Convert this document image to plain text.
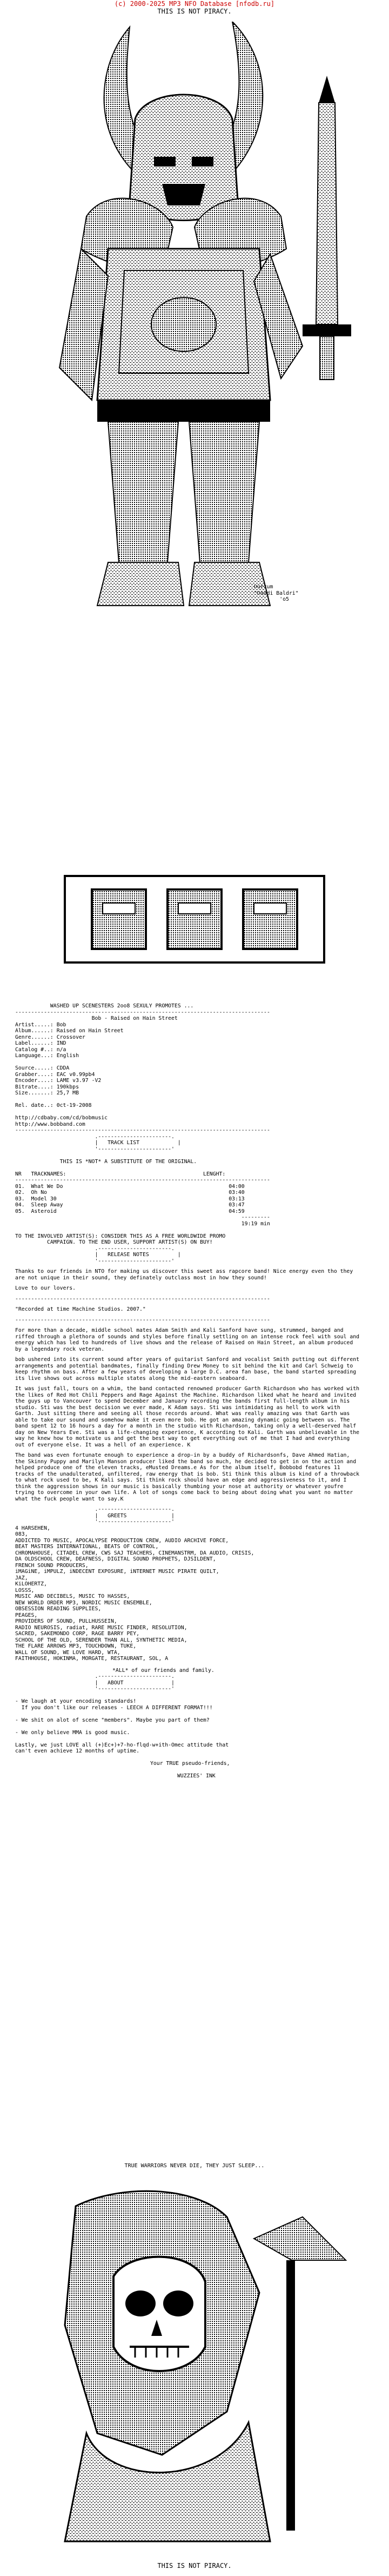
(c) 2000-2025 MP3 NFO Database [nfodb.ru]
THIS IS NOT PIRACY.
Durzum
"Daadi Baldri"
'o5
WASHED UP SCENESTERS 2oo8 SEXULY PROMOTES ...
--------------------------------------------------------------------------------
Bob - Raised on Hain Street

Artist.....: Bob
Album......: Raised on Hain Street
Genre......: Crossover
Label......: IND
Catalog #..: n/a
Language...: English

Source.....: CDDA
Grabber....: EAC v0.99pb4
Encoder....: LAME v3.97 -V2
Bitrate....: 190kbps
Size.......: 25,7 MB

Rel. date..: 0ct-19-2008

http://cdbaby.com/cd/bobmusic
http://www.bobband.com

--------------------------------------------------------------------------------
.-----------------------.
|   TRACK LIST	|
'-----------------------'

THIS IS *NOT* A SUBSTITUTE OF THE ORIGINAL.

NR TRACKNAMES:	LENGHT:
--------------------------------------------------------------------------------
01. What We Do	04:00
02. Oh No	03:40
03. Model 30	03:13
04. Sleep Away	03:47
05. Asteroid	04:59
---------
19:19 min

TO THE INVOLVED ARTIST(S): CONSIDER THIS AS A FREE WORLDWIDE PROMO
CAMPAIGN. TO THE END USER, SUPPORT ARTIST(S) ON BUY!

.-----------------------.
|   RELEASE NOTES	|
'-----------------------'

Thanks to our friends in NTO for making us discover this sweet ass rapcore band! Nice energy even tho they are not unique in their sound, they definately outclass most in how they sound!

Love to our lovers.

--------------------------------------------------------------------------------

"Recorded at time Machine Studios. 2007."

--------------------------------------------------------------------------------

For more than a decade, middle school mates Adam Smith and Kali Sanford have sung, strummed, banged and riffed through a plethora of sounds and styles before finally settling on an intense rock feel with soul and energy which has led to hundreds of live shows and the release of Raised on Hain Street, an album produced by a legendary rock veteran.

bob ushered into its current sound after years of guitarist Sanford and vocalist Smith putting out different arrangements and potential bandmates, finally finding Drew Money to sit behind the kit and Carl Schweig to keep rhythm on bass. After a few years of developing a large D.C. area fan base, the band started spreading its live shows out across multiple states along the mid-eastern seaboard.

It was just fall, tours on a whim, the band contacted renowned producer Garth Richardson who has worked with the likes of Red Hot Chili Peppers and Rage Against the Machine. Richardson liked what he heard and invited the guys up to Vancouver to spend December and January recording the bands first full-length album in his studio. Sti was the best decision we ever made, K Adam says. Sti was intimidating as hell to work with Garth. Just sitting there and seeing all those records around. What was really amazing was that Garth was able to take our sound and somehow make it even more bob. He got an amazing dynamic going between us. The band spent 12 to 16 hours a day for a month in the studio with Richardson, taking only a well-deserved half day on New Years Eve. Sti was a life-changing experience, K according to Kali. Garth was unbelievable in the way he knew how to motivate us and get the best way to get everything out of me that I had and everything out of everyone else. It was a hell of an experience. K

The band was even fortunate enough to experience a drop-in by a buddy of Richardsonfs, Dave Ahmed Hatian, the Skinny Puppy and Marilyn Manson producer liked the band so much, he decided to get in on the action and helped produce one of the eleven tracks, eMusted Dreams.e As for the album itself, Bobbobd features 11 tracks of the unadulterated, unfiltered, raw energy that is bob. Sti think this album is kind of a throwback to what rock used to be, K Kali says. Sti think rock should have an edge and aggressiveness to it, and I think the aggression shows in our music is basically thumbing your nose at authority or whatever youfre trying to overcome in your own life. A lot of songs come back to being about doing what you want no matter what the fuck people want to say.K

.-----------------------.
|   GREETS	|
'-----------------------'

4 HARSEHEN,
083,
ADDICTED TO MUSIC, APOCALYPSE PRODUCTION CREW, AUDIO ARCHIVE FORCE,
BEAT MASTERS INTERNATIONAL, BEATS OF CONTROL,
CHROMAHOUSE, CITADEL CREW, CWS SAJ TEACHERS, CINEMANSTRM, DA AUDIO, CRISIS,
DA OLDSCHOOL CREW, DEAFNESS, DIGITAL SOUND PROPHETS, DJSILDENT,
FRENCH SOUND PRODUCERS,
iMAGiNE, iMPULZ, iNDECENT EXPOSURE, iNTERNET MUSIC PIRATE QUILT,
JAZ,
KiLOHERTZ,
LOSSS,
MUSIC AND DECIBELS, MUSIC TO HASSES,
NEW WORLD ORDER MP3, NORDIC MUSIC ENSEMBLE,
OBSESSION READING SUPPLIES,
PEAGES,
PROVIDERS OF SOUND, PULLHUSSEIN,
RADIO NEUROSIS, radiat, RARE MUSIC FINDER, RESOLUTION,
SACRED, SAKEMONDO CORP, RAGE BARRY PEY,
SCHOOL OF THE OLD, SERENDER THAN ALL, SYNTHETIC MEDIA,
THE FLARE ARROWS MP3, TOUCHDOWN, TUKE,
WALL OF SOUND, WE LOVE HARD, WTA,
FAITHHOUSE, HOKINMA, MORGATE, RESTAURANT, SOL, A
*ALL* of our friends and family.
.-----------------------.
|   ABOUT	|
'-----------------------'

- We laugh at your encoding standards!
If you don't like our releases - LEECH A DIFFERENT FORMAT!!!

- We shit on alot of scene "members". Maybe you part of them?

- We only believe MMA is good music.

Lastly, we just LOVE all (+)Ec+)+7-ho-flqd-w+ith-Omec attitude that
can't even achieve 12 months of uptime.

Your TRUE pseudo-friends,

WUZZIES' INK

TRUE WARRIORS NEVER DIE, THEY JUST SLEEP...
THIS IS NOT PIRACY.
